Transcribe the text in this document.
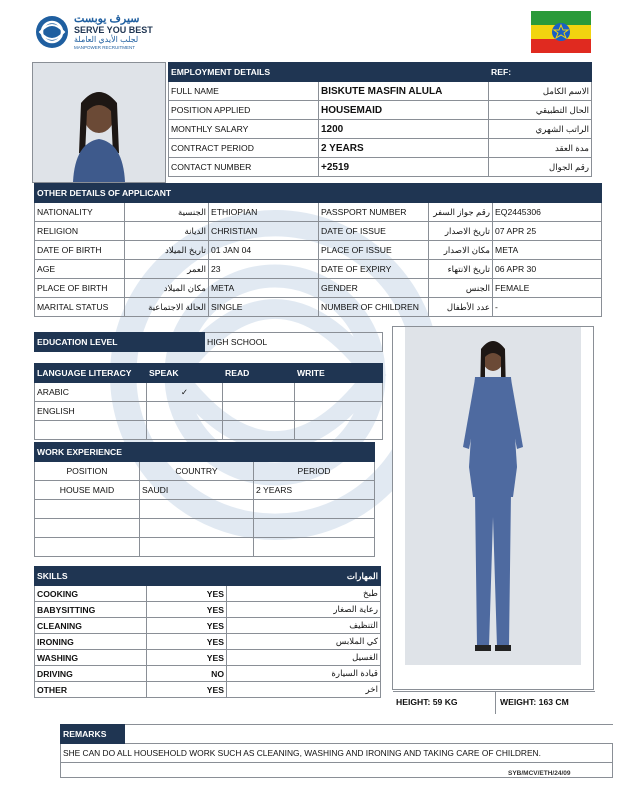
سيرف يوبست
SERVE YOU BEST
لجلب الأيدي العاملة
MANPOWER RECRUITMENT
EMPLOYMENT DETAILS		REF:
FULL NAME	BISKUTE MASFIN ALULA	الاسم الكامل
POSITION APPLIED	HOUSEMAID	الحال التطبيقي
MONTHLY SALARY	1200	الراتب الشهري
CONTRACT PERIOD	2 YEARS	مدة العقد
CONTACT NUMBER	+2519	رقم الجوال
OTHER DETAILS OF APPLICANT					
NATIONALITY	الجنسية	ETHIOPIAN	PASSPORT NUMBER	رقم جواز السفر	EQ2445306
RELIGION	الديانة	CHRISTIAN	DATE OF ISSUE	تاريخ الاصدار	07 APR 25
DATE OF BIRTH	تاريخ الميلاد	01 JAN 04	PLACE OF ISSUE	مكان الاصدار	META
AGE	العمر	23	DATE OF EXPIRY	تاريخ الانتهاء	06 APR 30
PLACE OF BIRTH	مكان الميلاد	META	GENDER	الجنس	FEMALE
MARITAL STATUS	الحالة الاجتماعية	SINGLE	NUMBER OF CHILDREN	عدد الأطفال	-
EDUCATION LEVEL	HIGH SCHOOL
LANGUAGE LITERACY	SPEAK	READ	WRITE
ARABIC	✓		
ENGLISH			

WORK EXPERIENCE		
POSITION	COUNTRY	PERIOD
HOUSE MAID	SAUDI	2 YEARS

SKILLS		المهارات
COOKING	YES	طبخ
BABYSITTING	YES	رعاية الصغار
CLEANING	YES	التنظيف
IRONING	YES	كي الملابس
WASHING	YES	الغسيل
DRIVING	NO	قيادة السيارة
OTHER	YES	اخر
HEIGHT: 59 KG	WEIGHT: 163 CM
REMARKS	
SHE CAN DO ALL HOUSEHOLD WORK SUCH AS CLEANING, WASHING AND IRONING AND TAKING CARE OF CHILDREN.

SYB/MCV/ETH/24/09
